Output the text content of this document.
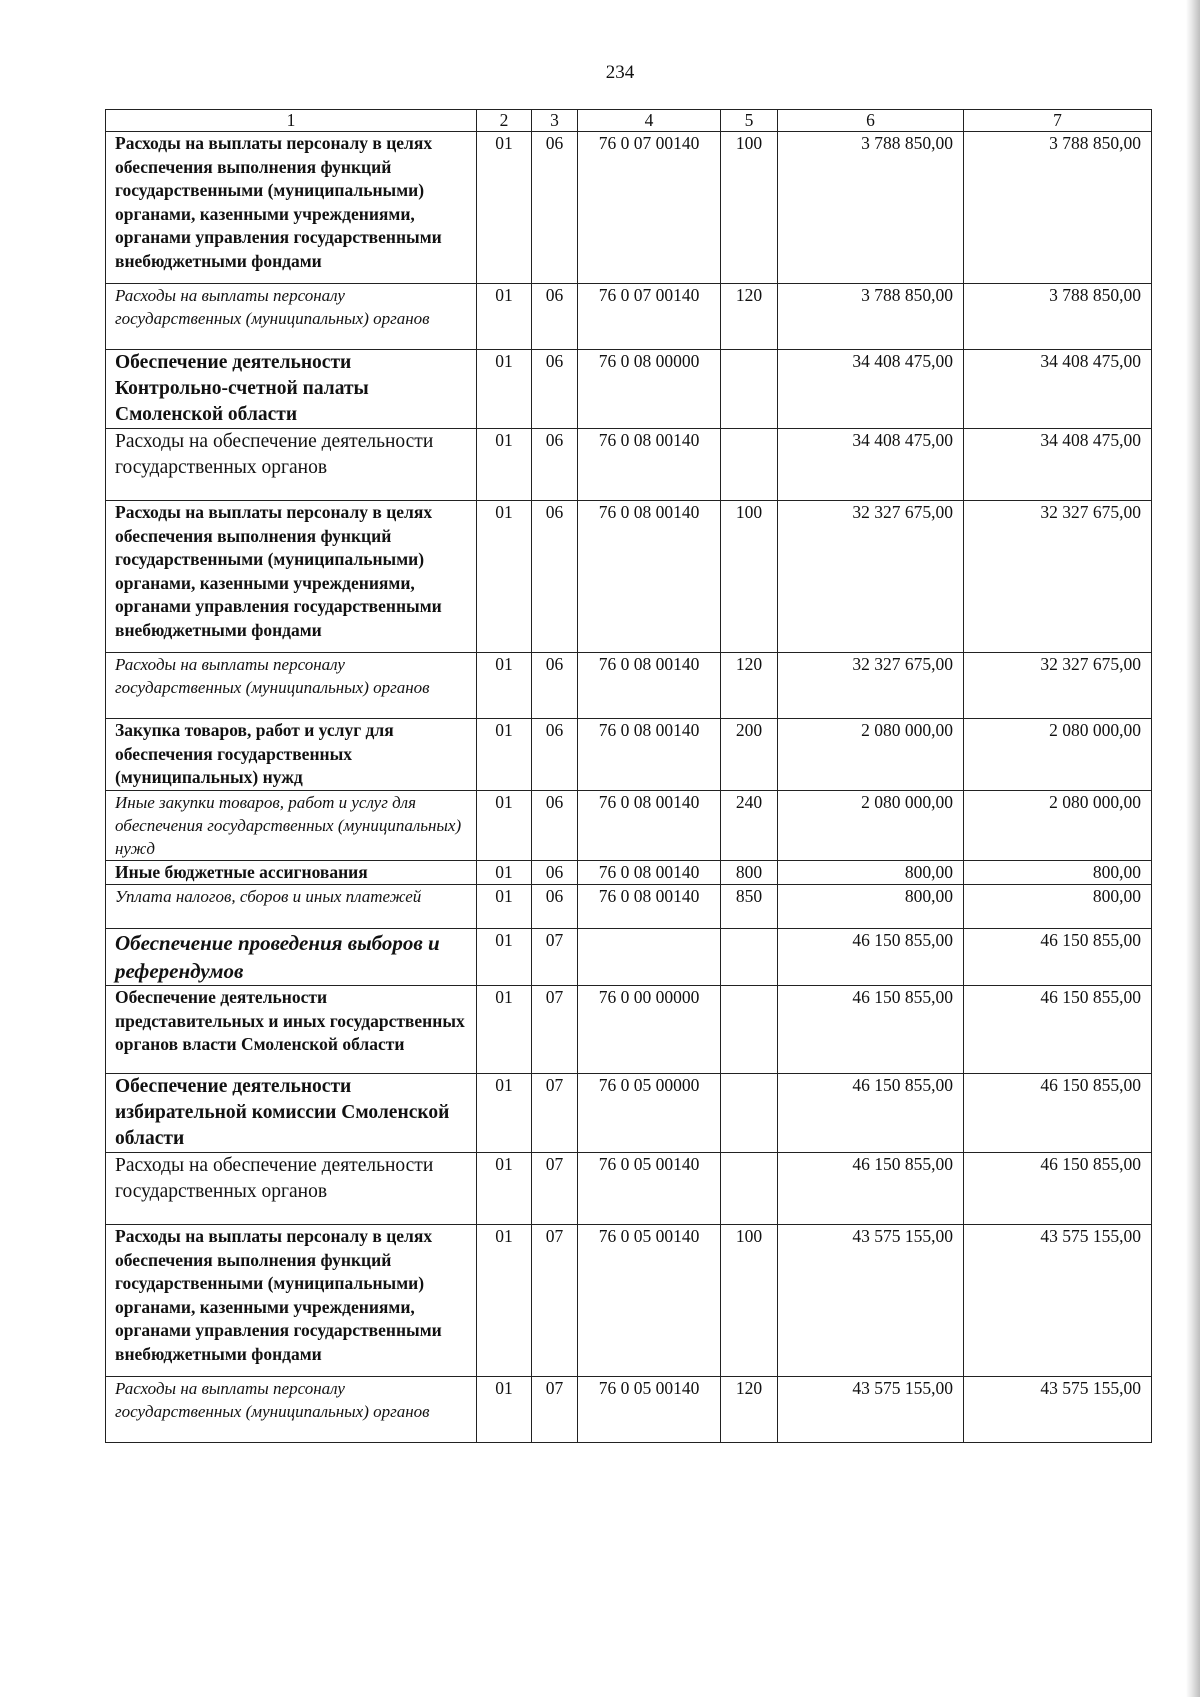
234
1	2	3	4	5	6	7
Расходы на выплаты персоналу в целях обеспечения выполнения функций государственными (муниципальными) органами, казенными учреждениями, органами управления государственными внебюджетными фондами	01	06	76 0 07 00140	100	3 788 850,00	3 788 850,00
Расходы на выплаты персоналу государственных (муниципальных) органов	01	06	76 0 07 00140	120	3 788 850,00	3 788 850,00
Обеспечение деятельности Контрольно-счетной палаты Смоленской области	01	06	76 0 08 00000		34 408 475,00	34 408 475,00
Расходы на обеспечение деятельности государственных органов	01	06	76 0 08 00140		34 408 475,00	34 408 475,00
Расходы на выплаты персоналу в целях обеспечения выполнения функций государственными (муниципальными) органами, казенными учреждениями, органами управления государственными внебюджетными фондами	01	06	76 0 08 00140	100	32 327 675,00	32 327 675,00
Расходы на выплаты персоналу государственных (муниципальных) органов	01	06	76 0 08 00140	120	32 327 675,00	32 327 675,00
Закупка товаров, работ и услуг для обеспечения государственных (муниципальных) нужд	01	06	76 0 08 00140	200	2 080 000,00	2 080 000,00
Иные закупки товаров, работ и услуг для обеспечения государственных (муниципальных) нужд	01	06	76 0 08 00140	240	2 080 000,00	2 080 000,00
Иные бюджетные ассигнования	01	06	76 0 08 00140	800	800,00	800,00
Уплата налогов, сборов и иных платежей	01	06	76 0 08 00140	850	800,00	800,00
Обеспечение проведения выборов и референдумов	01	07			46 150 855,00	46 150 855,00
Обеспечение деятельности представительных и иных государственных органов власти Смоленской области	01	07	76 0 00 00000		46 150 855,00	46 150 855,00
Обеспечение деятельности избирательной комиссии Смоленской области	01	07	76 0 05 00000		46 150 855,00	46 150 855,00
Расходы на обеспечение деятельности государственных органов	01	07	76 0 05 00140		46 150 855,00	46 150 855,00
Расходы на выплаты персоналу в целях обеспечения выполнения функций государственными (муниципальными) органами, казенными учреждениями, органами управления государственными внебюджетными фондами	01	07	76 0 05 00140	100	43 575 155,00	43 575 155,00
Расходы на выплаты персоналу государственных (муниципальных) органов	01	07	76 0 05 00140	120	43 575 155,00	43 575 155,00
